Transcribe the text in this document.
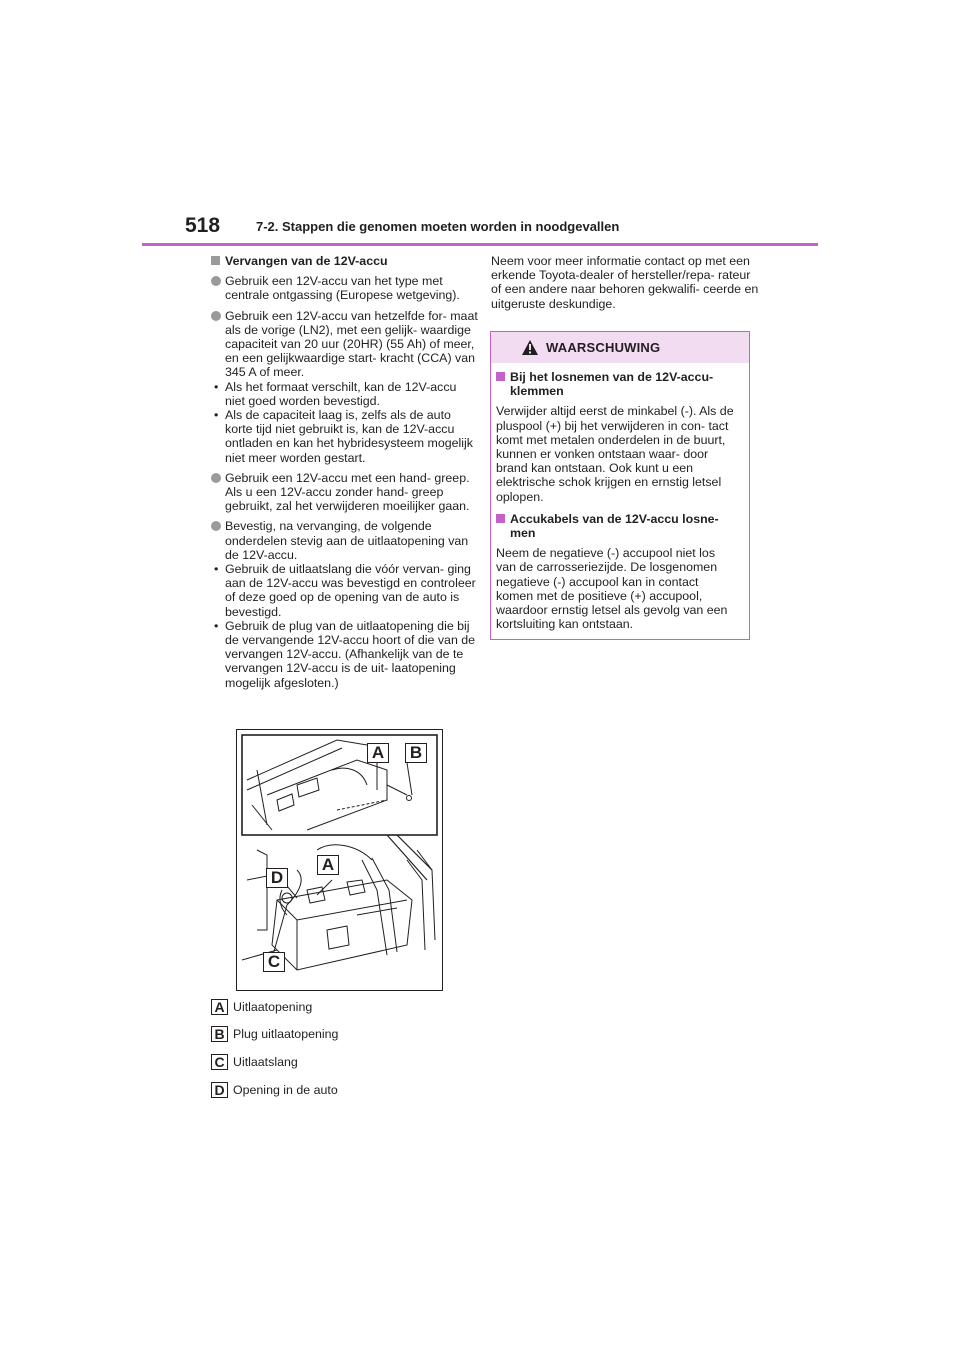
518	7-2. Stappen die genomen moeten worden in noodgevallen
Vervangen van de 12V-accu
Gebruik een 12V-accu van het type met centrale ontgassing (Europese wetgeving).
Gebruik een 12V-accu van hetzelfde for- maat als de vorige (LN2), met een gelijk- waardige capaciteit van 20 uur (20HR) (55 Ah) of meer, en een gelijkwaardige start- kracht (CCA) van 345 A of meer.
• Als het formaat verschilt, kan de 12V-accu niet goed worden bevestigd.
• Als de capaciteit laag is, zelfs als de auto korte tijd niet gebruikt is, kan de 12V-accu ontladen en kan het hybridesysteem mogelijk niet meer worden gestart.
Gebruik een 12V-accu met een hand- greep. Als u een 12V-accu zonder hand- greep gebruikt, zal het verwijderen moeilijker gaan.
Bevestig, na vervanging, de volgende onderdelen stevig aan de uitlaatopening van de 12V-accu.
• Gebruik de uitlaatslang die vóór vervan- ging aan de 12V-accu was bevestigd en controleer of deze goed op de opening van de auto is bevestigd.
• Gebruik de plug van de uitlaatopening die bij de vervangende 12V-accu hoort of die van de vervangen 12V-accu. (Afhankelijk van de te vervangen 12V-accu is de uit- laatopening mogelijk afgesloten.)
A B
A
D
C
A Uitlaatopening
B Plug uitlaatopening
C Uitlaatslang
D Opening in de auto
Neem voor meer informatie contact op met een erkende Toyota-dealer of hersteller/repa- rateur of een andere naar behoren gekwalifi- ceerde en uitgeruste deskundige.
WAARSCHUWING
Bij het losnemen van de 12V-accu- klemmen
Verwijder altijd eerst de minkabel (-). Als de pluspool (+) bij het verwijderen in con- tact komt met metalen onderdelen in de buurt, kunnen er vonken ontstaan waar- door brand kan ontstaan. Ook kunt u een elektrische schok krijgen en ernstig letsel oplopen.
Accukabels van de 12V-accu losne- men
Neem de negatieve (-) accupool niet los van de carrosseriezijde. De losgenomen negatieve (-) accupool kan in contact komen met de positieve (+) accupool, waardoor ernstig letsel als gevolg van een kortsluiting kan ontstaan.
